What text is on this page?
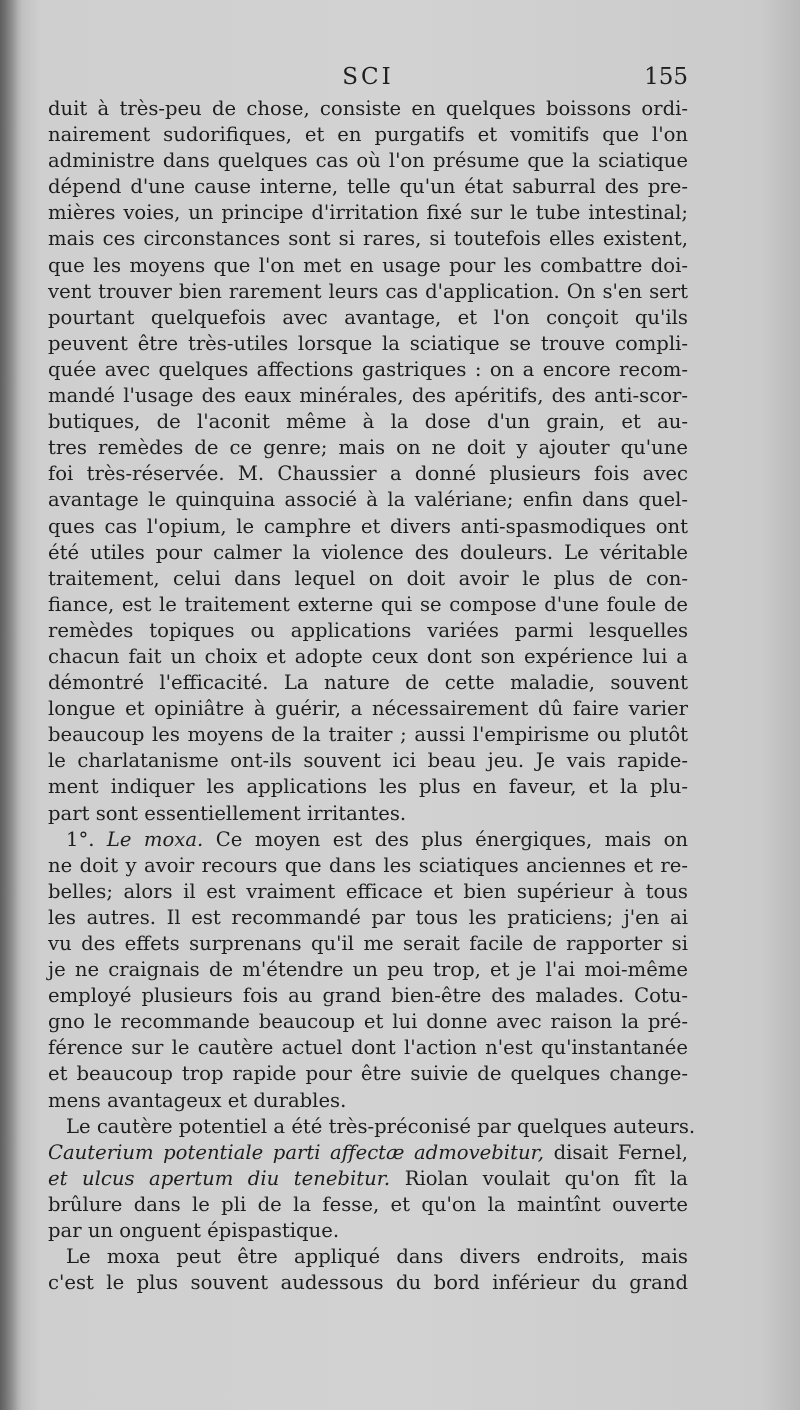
SCI	155
duit à très-peu de chose, consiste en quelques boissons ordi-
nairement sudorifiques, et en purgatifs et vomitifs que l'on
administre dans quelques cas où l'on présume que la sciatique
dépend d'une cause interne, telle qu'un état saburral des pre-
mières voies, un principe d'irritation fixé sur le tube intestinal;
mais ces circonstances sont si rares, si toutefois elles existent,
que les moyens que l'on met en usage pour les combattre doi-
vent trouver bien rarement leurs cas d'application. On s'en sert
pourtant quelquefois avec avantage, et l'on conçoit qu'ils
peuvent être très-utiles lorsque la sciatique se trouve compli-
quée avec quelques affections gastriques : on a encore recom-
mandé l'usage des eaux minérales, des apéritifs, des anti-scor-
butiques, de l'aconit même à la dose d'un grain, et au-
tres remèdes de ce genre; mais on ne doit y ajouter qu'une
foi très-réservée. M. Chaussier a donné plusieurs fois avec
avantage le quinquina associé à la valériane; enfin dans quel-
ques cas l'opium, le camphre et divers anti-spasmodiques ont
été utiles pour calmer la violence des douleurs. Le véritable
traitement, celui dans lequel on doit avoir le plus de con-
fiance, est le traitement externe qui se compose d'une foule de
remèdes topiques ou applications variées parmi lesquelles
chacun fait un choix et adopte ceux dont son expérience lui a
démontré l'efficacité. La nature de cette maladie, souvent
longue et opiniâtre à guérir, a nécessairement dû faire varier
beaucoup les moyens de la traiter ; aussi l'empirisme ou plutôt
le charlatanisme ont-ils souvent ici beau jeu. Je vais rapide-
ment indiquer les applications les plus en faveur, et la plu-
part sont essentiellement irritantes.
1°. Le moxa. Ce moyen est des plus énergiques, mais on
ne doit y avoir recours que dans les sciatiques anciennes et re-
belles; alors il est vraiment efficace et bien supérieur à tous
les autres. Il est recommandé par tous les praticiens; j'en ai
vu des effets surprenans qu'il me serait facile de rapporter si
je ne craignais de m'étendre un peu trop, et je l'ai moi-même
employé plusieurs fois au grand bien-être des malades. Cotu-
gno le recommande beaucoup et lui donne avec raison la pré-
férence sur le cautère actuel dont l'action n'est qu'instantanée
et beaucoup trop rapide pour être suivie de quelques change-
mens avantageux et durables.
Le cautère potentiel a été très-préconisé par quelques auteurs.
Cauterium potentiale parti affectæ admovebitur, disait Fernel,
et ulcus apertum diu tenebitur. Riolan voulait qu'on fît la
brûlure dans le pli de la fesse, et qu'on la maintînt ouverte
par un onguent épispastique.
Le moxa peut être appliqué dans divers endroits, mais
c'est le plus souvent audessous du bord inférieur du grand
